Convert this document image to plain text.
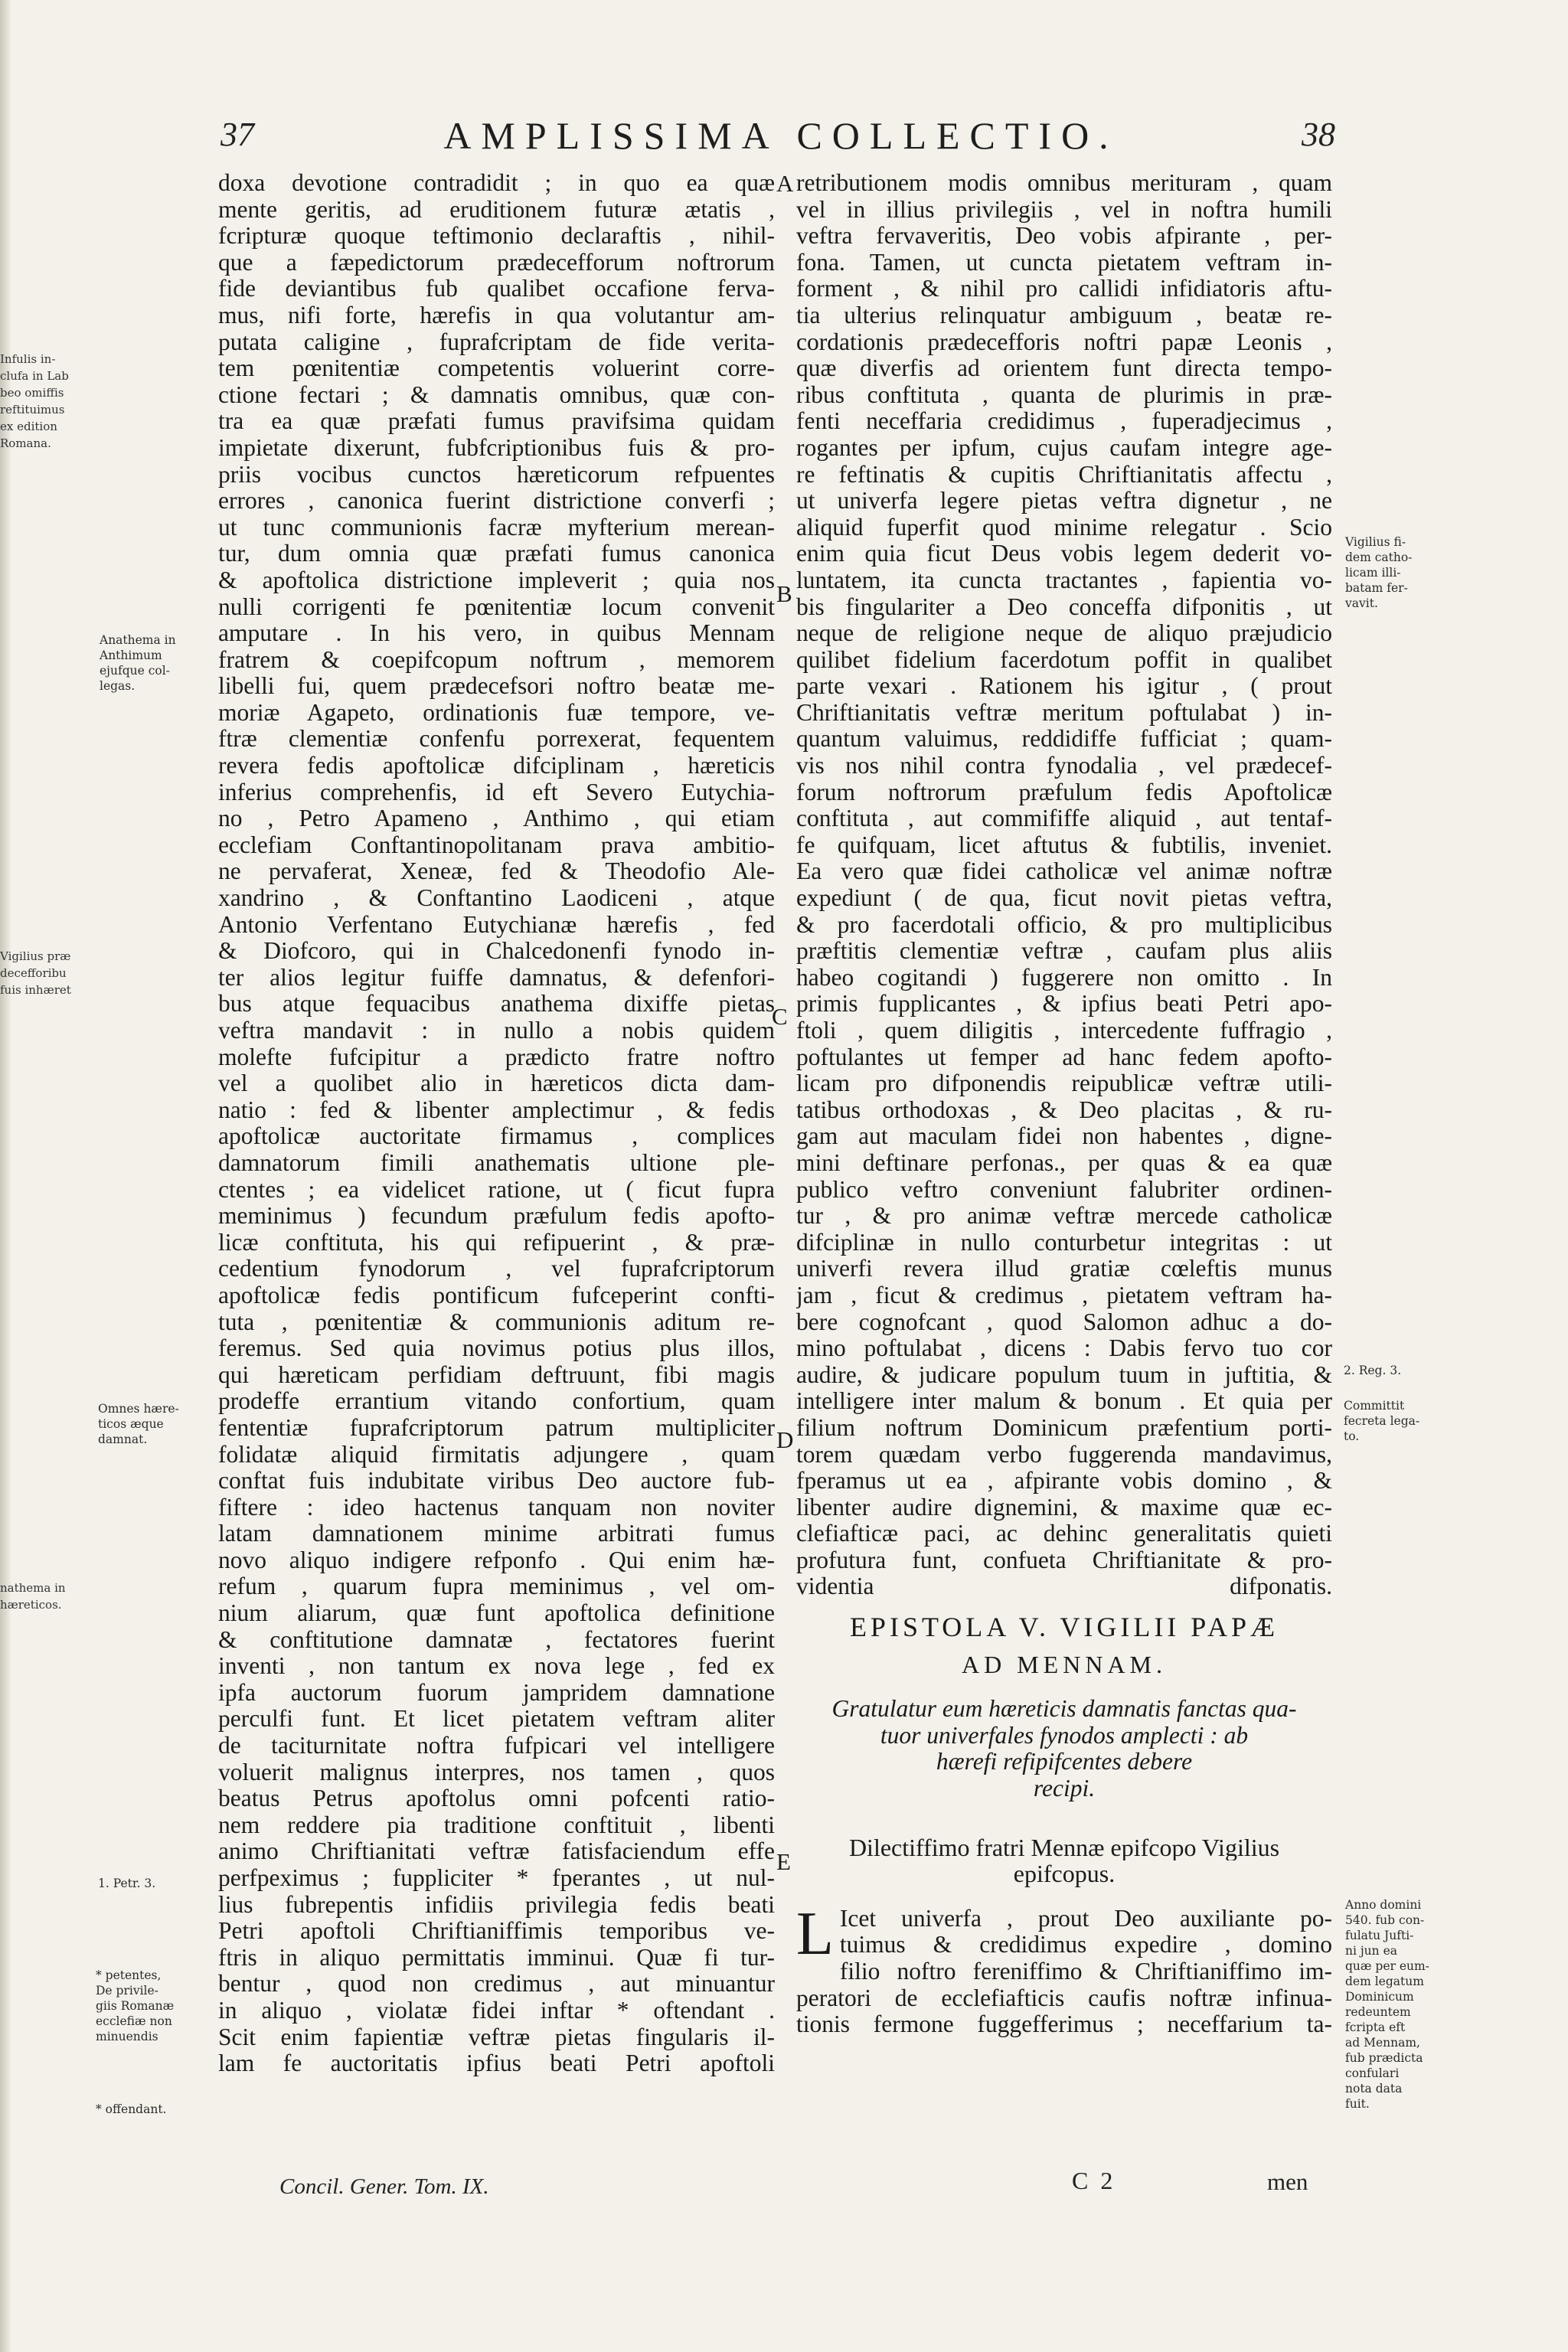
Infulis in-
clufa in Lab
beo omiffis
reftituimus
ex edition
Romana.
Vigilius præ
decefforibu
fuis inhæret
nathema in
hæreticos.
37	AMPLISSIMA COLLECTIO.	38
A
B
C
D
E
Anathema in
Anthimum
ejufque col-
legas.
Omnes hære-
ticos æque
damnat.
1. Petr. 3.
* petentes,
De privile-
giis Romanæ
ecclefiæ non
minuendis
* offendant.
Vigilius fi-
dem catho-
licam illi-
batam fer-
vavit.
2. Reg. 3.
Committit
fecreta lega-
to.
Anno domini
540. fub con-
fulatu Jufti-
ni jun ea
quæ per eum-
dem legatum
Dominicum
redeuntem
fcripta eft
ad Mennam,
fub prædicta
confulari
nota data
fuit.
doxa devotione contradidit ; in quo ea quæ
mente geritis, ad eruditionem futuræ ætatis ,
fcripturæ quoque teftimonio declaraftis , nihil-
que a fæpedictorum prædecefforum noftrorum
fide deviantibus fub qualibet occafione ferva-
mus, nifi forte, hærefis in qua volutantur am-
putata caligine , fuprafcriptam de fide verita-
tem pœnitentiæ competentis voluerint corre-
ctione fectari ; & damnatis omnibus, quæ con-
tra ea quæ præfati fumus pravifsima quidam
impietate dixerunt, fubfcriptionibus fuis & pro-
priis vocibus cunctos hæreticorum refpuentes
errores , canonica fuerint districtione converfi ;
ut tunc communionis facræ myfterium merean-
tur, dum omnia quæ præfati fumus canonica
& apoftolica districtione impleverit ; quia nos
nulli corrigenti fe pœnitentiæ locum convenit
amputare . In his vero, in quibus Mennam
fratrem & coepifcopum noftrum , memorem
libelli fui, quem prædecefsori noftro beatæ me-
moriæ Agapeto, ordinationis fuæ tempore, ve-
ftræ clementiæ confenfu porrexerat, fequentem
revera fedis apoftolicæ difciplinam , hæreticis
inferius comprehenfis, id eft Severo Eutychia-
no , Petro Apameno , Anthimo , qui etiam
ecclefiam Conftantinopolitanam prava ambitio-
ne pervaferat, Xeneæ, fed & Theodofio Ale-
xandrino , & Conftantino Laodiceni , atque
Antonio Verfentano Eutychianæ hærefis , fed
& Diofcoro, qui in Chalcedonenfi fynodo in-
ter alios legitur fuiffe damnatus, & defenfori-
bus atque fequacibus anathema dixiffe pietas
veftra mandavit : in nullo a nobis quidem
molefte fufcipitur a prædicto fratre noftro
vel a quolibet alio in hæreticos dicta dam-
natio : fed & libenter amplectimur , & fedis
apoftolicæ auctoritate firmamus , complices
damnatorum fimili anathematis ultione ple-
ctentes ; ea videlicet ratione, ut ( ficut fupra
meminimus ) fecundum præfulum fedis apofto-
licæ conftituta, his qui refipuerint , & præ-
cedentium fynodorum , vel fuprafcriptorum
apoftolicæ fedis pontificum fufceperint confti-
tuta , pœnitentiæ & communionis aditum re-
feremus. Sed quia novimus potius plus illos,
qui hæreticam perfidiam deftruunt, fibi magis
prodeffe errantium vitando confortium, quam
fententiæ fuprafcriptorum patrum multipliciter
folidatæ aliquid firmitatis adjungere , quam
conftat fuis indubitate viribus Deo auctore fub-
fiftere : ideo hactenus tanquam non noviter
latam damnationem minime arbitrati fumus
novo aliquo indigere refponfo . Qui enim hæ-
refum , quarum fupra meminimus , vel om-
nium aliarum, quæ funt apoftolica definitione
& conftitutione damnatæ , fectatores fuerint
inventi , non tantum ex nova lege , fed ex
ipfa auctorum fuorum jampridem damnatione
perculfi funt. Et licet pietatem veftram aliter
de taciturnitate noftra fufpicari vel intelligere
voluerit malignus interpres, nos tamen , quos
beatus Petrus apoftolus omni pofcenti ratio-
nem reddere pia traditione conftituit , libenti
animo Chriftianitati veftræ fatisfaciendum effe
perfpeximus ; fuppliciter * fperantes , ut nul-
lius fubrepentis infidiis privilegia fedis beati
Petri apoftoli Chriftianiffimis temporibus ve-
ftris in aliquo permittatis imminui. Quæ fi tur-
bentur , quod non credimus , aut minuantur
in aliquo , violatæ fidei inftar * oftendant .
Scit enim fapientiæ veftræ pietas fingularis il-
lam fe auctoritatis ipfius beati Petri apoftoli
retributionem modis omnibus merituram , quam
vel in illius privilegiis , vel in noftra humili
veftra fervaveritis, Deo vobis afpirante , per-
fona. Tamen, ut cuncta pietatem veftram in-
forment , & nihil pro callidi infidiatoris aftu-
tia ulterius relinquatur ambiguum , beatæ re-
cordationis prædecefforis noftri papæ Leonis ,
quæ diverfis ad orientem funt directa tempo-
ribus conftituta , quanta de plurimis in præ-
fenti neceffaria credidimus , fuperadjecimus ,
rogantes per ipfum, cujus caufam integre age-
re feftinatis & cupitis Chriftianitatis affectu ,
ut univerfa legere pietas veftra dignetur , ne
aliquid fuperfit quod minime relegatur . Scio
enim quia ficut Deus vobis legem dederit vo-
luntatem, ita cuncta tractantes , fapientia vo-
bis fingulariter a Deo conceffa difponitis , ut
neque de religione neque de aliquo præjudicio
quilibet fidelium facerdotum poffit in qualibet
parte vexari . Rationem his igitur , ( prout
Chriftianitatis veftræ meritum poftulabat ) in-
quantum valuimus, reddidiffe fufficiat ; quam-
vis nos nihil contra fynodalia , vel prædecef-
forum noftrorum præfulum fedis Apoftolicæ
conftituta , aut commififfe aliquid , aut tentaf-
fe quifquam, licet aftutus & fubtilis, inveniet.
Ea vero quæ fidei catholicæ vel animæ noftræ
expediunt ( de qua, ficut novit pietas veftra,
& pro facerdotali officio, & pro multiplicibus
præftitis clementiæ veftræ , caufam plus aliis
habeo cogitandi ) fuggerere non omitto . In
primis fupplicantes , & ipfius beati Petri apo-
ftoli , quem diligitis , intercedente fuffragio ,
poftulantes ut femper ad hanc fedem apofto-
licam pro difponendis reipublicæ veftræ utili-
tatibus orthodoxas , & Deo placitas , & ru-
gam aut maculam fidei non habentes , digne-
mini deftinare perfonas., per quas & ea quæ
publico veftro conveniunt falubriter ordinen-
tur , & pro animæ veftræ mercede catholicæ
difciplinæ in nullo conturbetur integritas : ut
univerfi revera illud gratiæ cœleftis munus
jam , ficut & credimus , pietatem veftram ha-
bere cognofcant , quod Salomon adhuc a do-
mino poftulabat , dicens : Dabis fervo tuo cor
audire, & judicare populum tuum in juftitia, &
intelligere inter malum & bonum . Et quia per
filium noftrum Dominicum præfentium porti-
torem quædam verbo fuggerenda mandavimus,
fperamus ut ea , afpirante vobis domino , &
libenter audire dignemini, & maxime quæ ec-
clefiafticæ paci, ac dehinc generalitatis quieti
profutura funt, confueta Chriftianitate & pro-
videntia difponatis.
EPISTOLA V. VIGILII PAPÆ
AD MENNAM.
Gratulatur eum hæreticis damnatis fanctas qua-
tuor univerfales fynodos amplecti : ab
hærefi refipifcentes debere
recipi.
Dilectiffimo fratri Mennæ epifcopo Vigilius
epifcopus.
L Icet univerfa , prout Deo auxiliante po-
tuimus & credidimus expedire , domino
filio noftro fereniffimo & Chriftianiffimo im-
peratori de ecclefiafticis caufis noftræ infinua-
tionis fermone fuggefferimus ; neceffarium ta-
Concil. Gener. Tom. IX.	C 2	men
